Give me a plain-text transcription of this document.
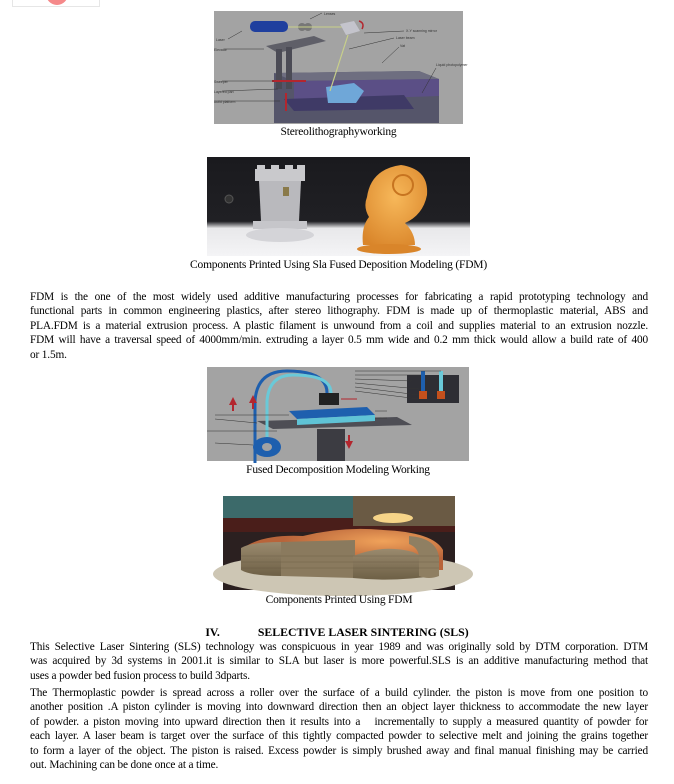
Laser
Elevator
Sweeper
Layered part
Build platform
X-Y scanning mirror
Laser beam
Vat
Liquid photopolymer
Lenses
Stereolithographyworking
Components Printed Using Sla Fused Deposition Modeling (FDM)
FDM is the one of the most widely used additive manufacturing processes for fabricating a rapid prototyping technology and
functional parts in common engineering plastics, after stereo lithography. FDM is made up of thermoplastic material, ABS and
PLA.FDM is a material extrusion process. A plastic filament is unwound from a coil and supplies material to an extrusion nozzle.
FDM will have a traversal speed of 4000mm/min. extruding a layer 0.5 mm wide and 0.2 mm thick would allow a build rate of 400
or 1.5m.
Fused Decomposition Modeling Working
Components Printed Using FDM
IV.	SELECTIVE LASER SINTERING (SLS)
This Selective Laser Sintering (SLS) technology was conspicuous in year 1989 and was originally sold by DTM corporation. DTM
was acquired by 3d systems in 2001.it is similar to SLA but laser is more powerful.SLS is an additive manufacturing method that
uses a powder bed fusion process to build 3dparts.
The Thermoplastic powder is spread across a roller over the surface of a build cylinder. the piston is move from one position to
another position .A piston cylinder is moving into downward direction then an object layer thickness to accommodate the new layer
of powder. a piston moving into upward direction then it results into a   incrementally to supply a measured quantity of powder for
each layer. A laser beam is target over the surface of this tightly compacted powder to selective melt and joining the grains together
to form a layer of the object. The piston is raised. Excess powder is simply brushed away and final manual finishing may be carried
out. Machining can be done once at a time.
